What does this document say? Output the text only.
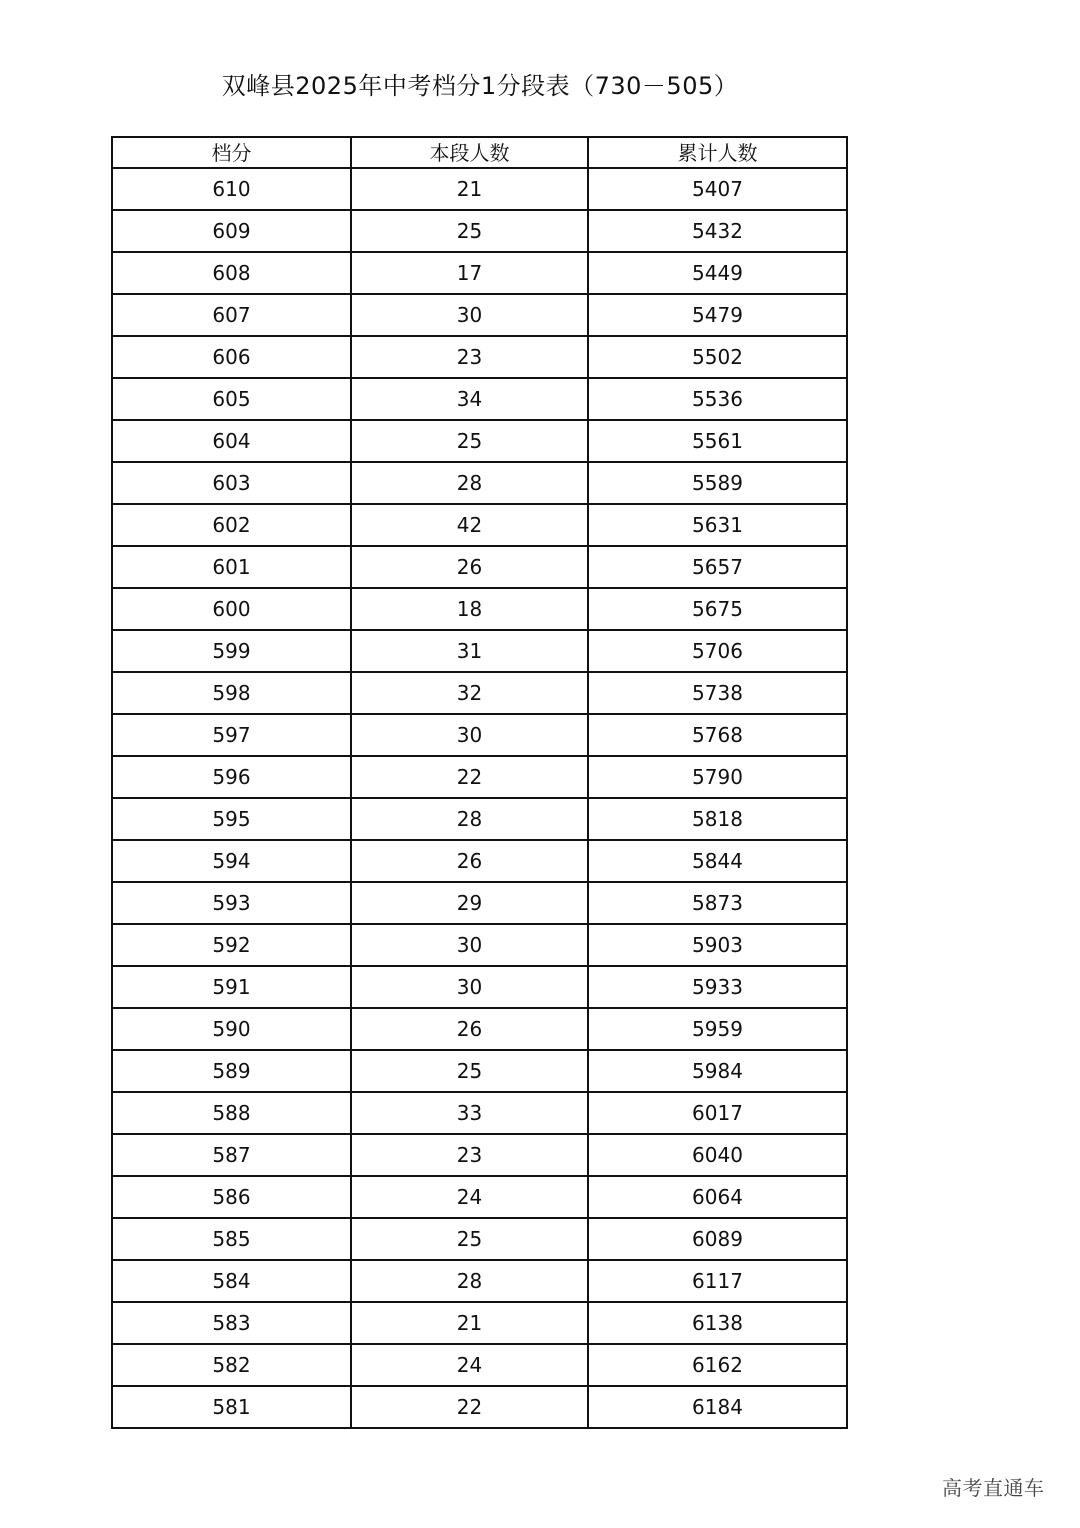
双峰县2025年中考档分1分段表（730－505）
档分	本段人数	累计人数
610	21	5407
609	25	5432
608	17	5449
607	30	5479
606	23	5502
605	34	5536
604	25	5561
603	28	5589
602	42	5631
601	26	5657
600	18	5675
599	31	5706
598	32	5738
597	30	5768
596	22	5790
595	28	5818
594	26	5844
593	29	5873
592	30	5903
591	30	5933
590	26	5959
589	25	5984
588	33	6017
587	23	6040
586	24	6064
585	25	6089
584	28	6117
583	21	6138
582	24	6162
581	22	6184
高考直通车
